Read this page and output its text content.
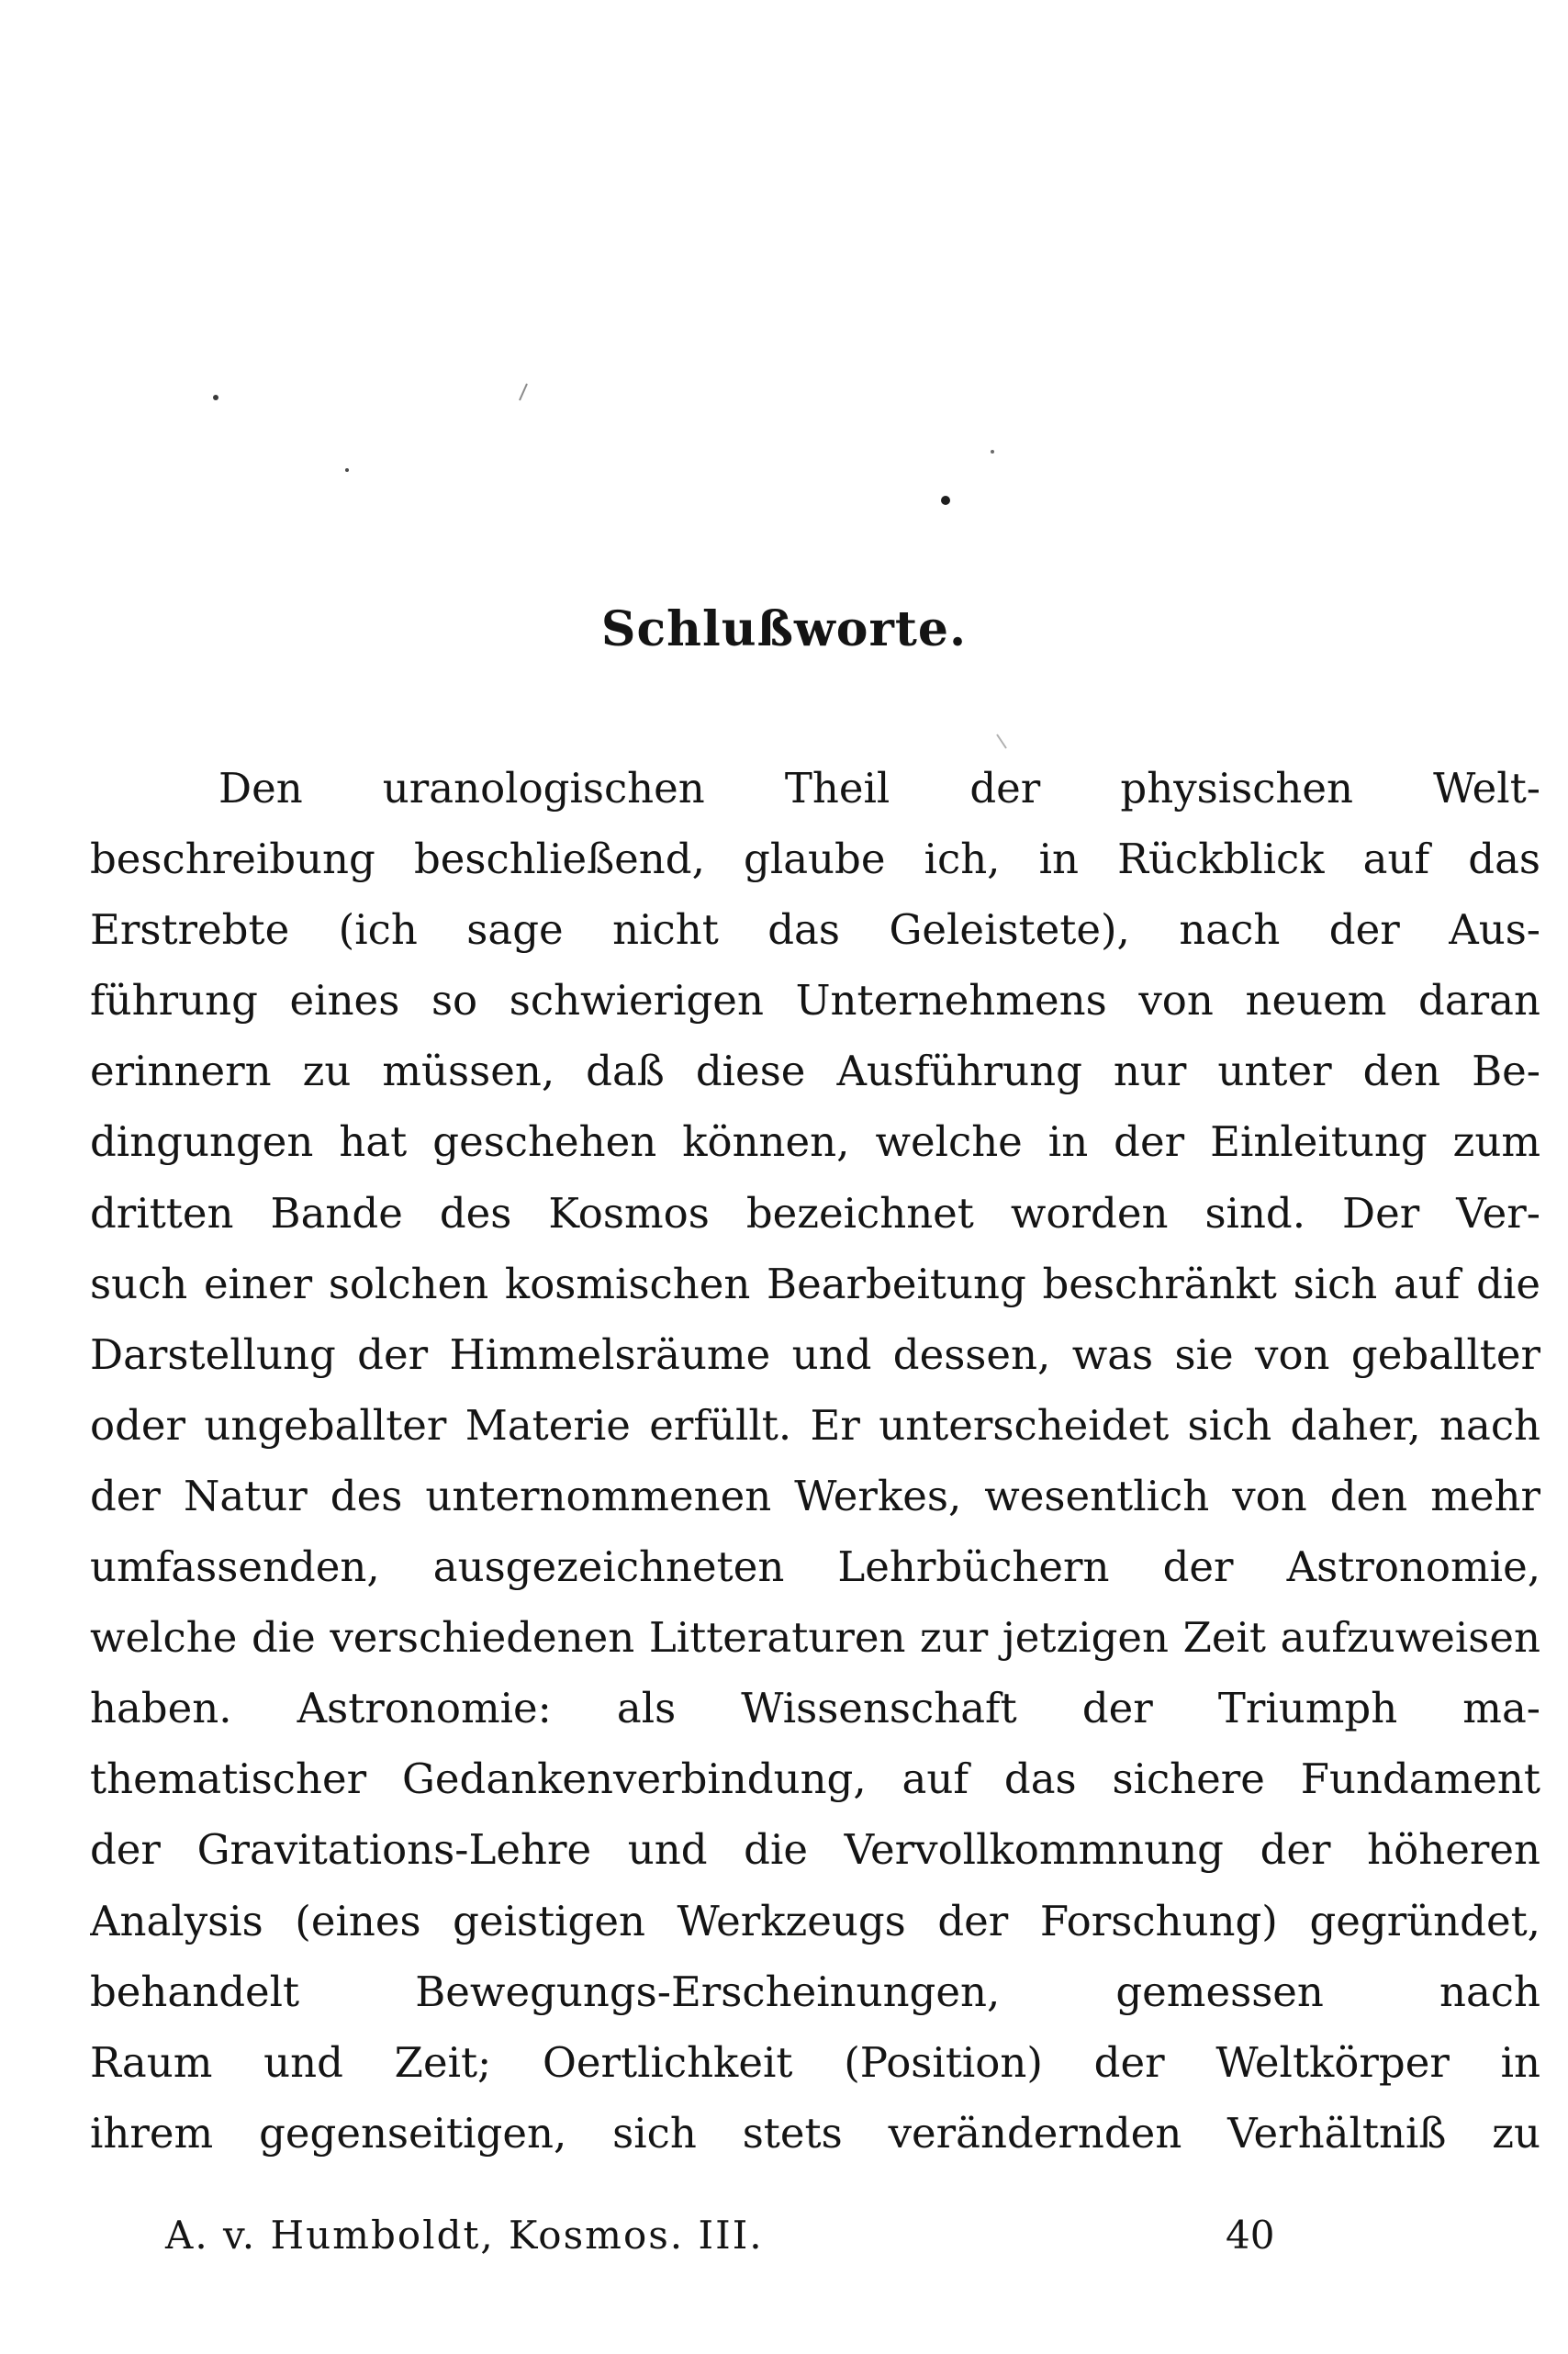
Schlußworte.
Den uranologischen Theil der physischen Welt-
beschreibung beschließend, glaube ich, in Rückblick auf das
Erstrebte (ich sage nicht das Geleistete), nach der Aus-
führung eines so schwierigen Unternehmens von neuem daran
erinnern zu müssen, daß diese Ausführung nur unter den Be-
dingungen hat geschehen können, welche in der Einleitung zum
dritten Bande des Kosmos bezeichnet worden sind. Der Ver-
such einer solchen kosmischen Bearbeitung beschränkt sich auf die
Darstellung der Himmelsräume und dessen, was sie von geballter
oder ungeballter Materie erfüllt. Er unterscheidet sich daher, nach
der Natur des unternommenen Werkes, wesentlich von den mehr
umfassenden, ausgezeichneten Lehrbüchern der Astronomie,
welche die verschiedenen Litteraturen zur jetzigen Zeit aufzuweisen
haben. Astronomie: als Wissenschaft der Triumph ma-
thematischer Gedankenverbindung, auf das sichere Fundament
der Gravitations-Lehre und die Vervollkommnung der höheren
Analysis (eines geistigen Werkzeugs der Forschung) gegründet,
behandelt Bewegungs-Erscheinungen, gemessen nach
Raum und Zeit; Oertlichkeit (Position) der Weltkörper in
ihrem gegenseitigen, sich stets verändernden Verhältniß zu
A. v. Humboldt, Kosmos. III.	40
